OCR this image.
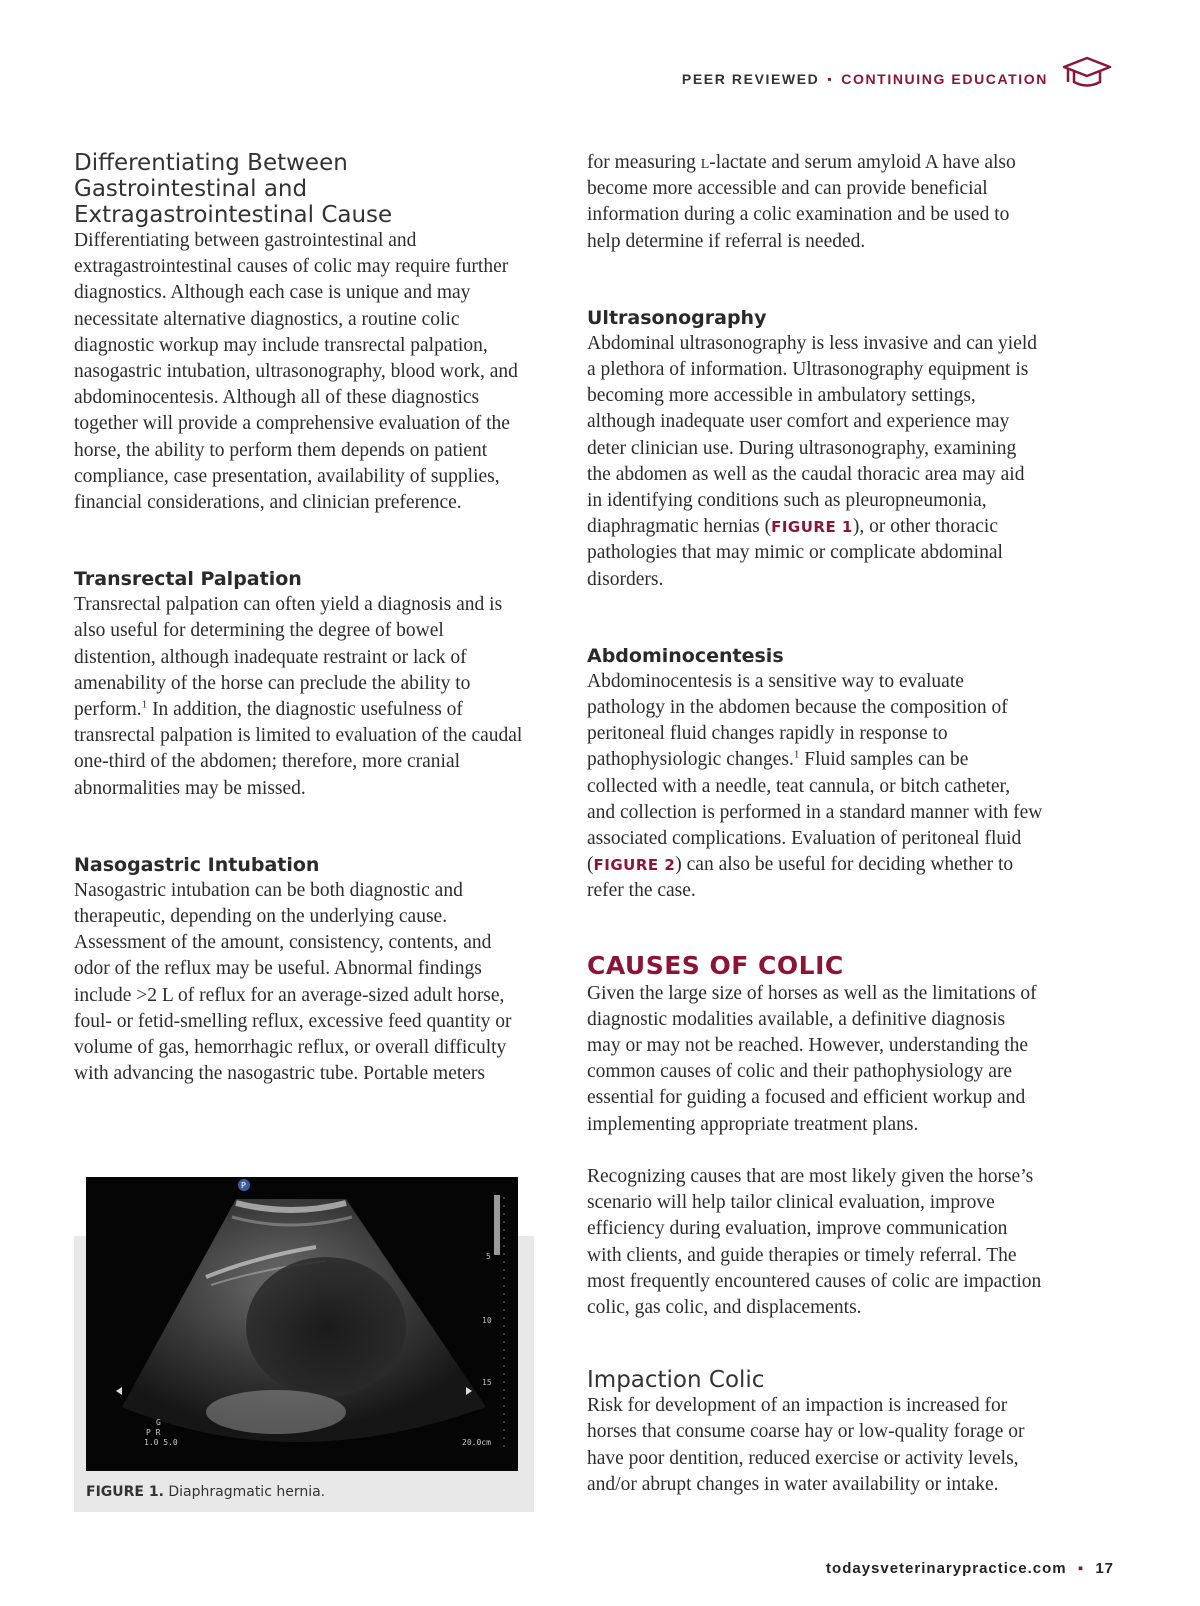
PEER REVIEWED ▪ CONTINUING EDUCATION
Differentiating Between Gastrointestinal and Extragastrointestinal Cause

Differentiating between gastrointestinal and extragastrointestinal causes of colic may require further diagnostics. Although each case is unique and may necessitate alternative diagnostics, a routine colic diagnostic workup may include transrectal palpation, nasogastric intubation, ultrasonography, blood work, and abdominocentesis. Although all of these diagnostics together will provide a comprehensive evaluation of the horse, the ability to perform them depends on patient compliance, case presentation, availability of supplies, financial considerations, and clinician preference.

Transrectal Palpation

Transrectal palpation can often yield a diagnosis and is also useful for determining the degree of bowel distention, although inadequate restraint or lack of amenability of the horse can preclude the ability to perform.$^1$ In addition, the diagnostic usefulness of transrectal palpation is limited to evaluation of the caudal one-third of the abdomen; therefore, more cranial abnormalities may be missed.

Nasogastric Intubation

Nasogastric intubation can be both diagnostic and therapeutic, depending on the underlying cause. Assessment of the amount, consistency, contents, and odor of the reflux may be useful. Abnormal findings include >2 L of reflux for an average-sized adult horse, foul- or fetid-smelling reflux, excessive feed quantity or volume of gas, hemorrhagic reflux, or overall difficulty with advancing the nasogastric tube. Portable meters

5
10
15
P
G
P R
1.0 5.0	20.0cm
FIGURE 1. Diaphragmatic hernia.

for measuring l-lactate and serum amyloid A have also become more accessible and can provide beneficial information during a colic examination and be used to help determine if referral is needed.

Ultrasonography

Abdominal ultrasonography is less invasive and can yield a plethora of information. Ultrasonography equipment is becoming more accessible in ambulatory settings, although inadequate user comfort and experience may deter clinician use. During ultrasonography, examining the abdomen as well as the caudal thoracic area may aid in identifying conditions such as pleuropneumonia, diaphragmatic hernias (FIGURE 1), or other thoracic pathologies that may mimic or complicate abdominal disorders.

Abdominocentesis

Abdominocentesis is a sensitive way to evaluate pathology in the abdomen because the composition of peritoneal fluid changes rapidly in response to pathophysiologic changes.$^1$ Fluid samples can be collected with a needle, teat cannula, or bitch catheter, and collection is performed in a standard manner with few associated complications. Evaluation of peritoneal fluid (FIGURE 2) can also be useful for deciding whether to refer the case.

CAUSES OF COLIC

Given the large size of horses as well as the limitations of diagnostic modalities available, a definitive diagnosis may or may not be reached. However, understanding the common causes of colic and their pathophysiology are essential for guiding a focused and efficient workup and implementing appropriate treatment plans.

Recognizing causes that are most likely given the horse’s scenario will help tailor clinical evaluation, improve efficiency during evaluation, improve communication with clients, and guide therapies or timely referral. The most frequently encountered causes of colic are impaction colic, gas colic, and displacements.

Impaction Colic

Risk for development of an impaction is increased for horses that consume coarse hay or low-quality forage or have poor dentition, reduced exercise or activity levels, and/or abrupt changes in water availability or intake.

todaysveterinarypractice.com ▪ 17
